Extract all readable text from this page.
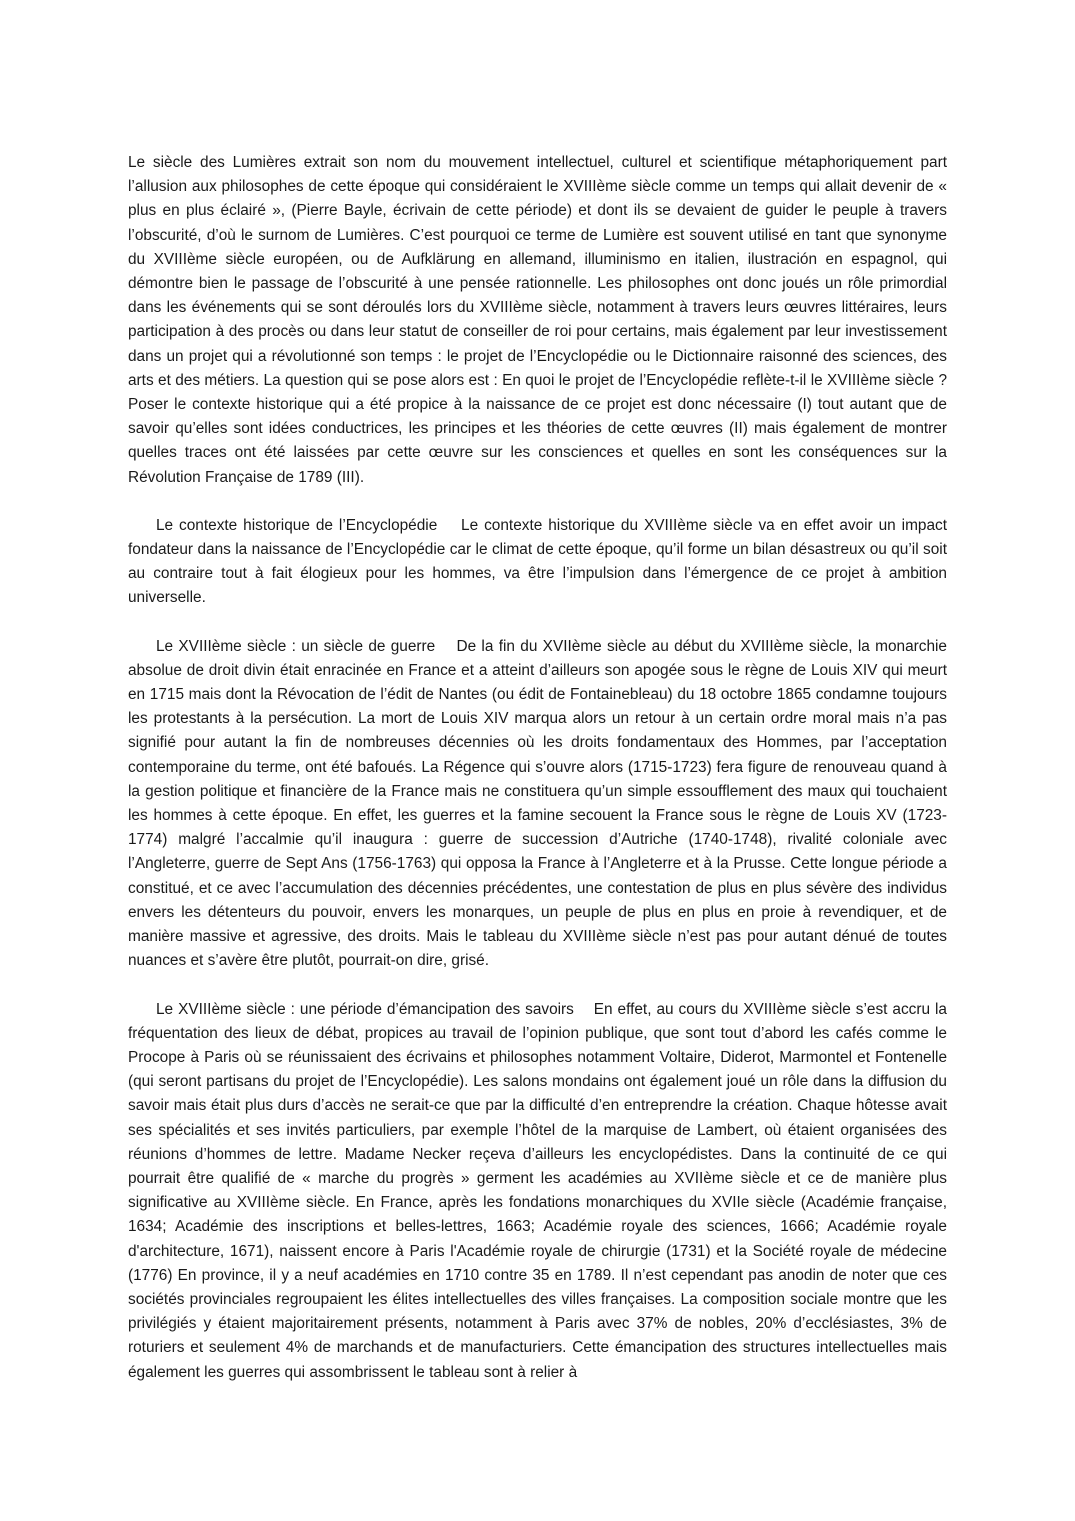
Le siècle des Lumières extrait son nom du mouvement intellectuel, culturel et scientifique métaphoriquement part l’allusion aux philosophes de cette époque qui considéraient le XVIIIème siècle comme un temps qui allait devenir de « plus en plus éclairé », (Pierre Bayle, écrivain de cette période) et dont ils se devaient de guider le peuple à travers l’obscurité, d’où le surnom de Lumières. C’est pourquoi ce terme de Lumière est souvent utilisé en tant que synonyme du XVIIIème siècle européen, ou de Aufklärung en allemand, illuminismo en italien, ilustración en espagnol, qui démontre bien le passage de l’obscurité à une pensée rationnelle. Les philosophes ont donc joués un rôle primordial dans les événements qui se sont déroulés lors du XVIIIème siècle, notamment à travers leurs œuvres littéraires, leurs participation à des procès ou dans leur statut de conseiller de roi pour certains, mais également par leur investissement dans un projet qui a révolutionné son temps : le projet de l’Encyclopédie ou le Dictionnaire raisonné des sciences, des arts et des métiers. La question qui se pose alors est : En quoi le projet de l’Encyclopédie reflète-t-il le XVIIIème siècle ? Poser le contexte historique qui a été propice à la naissance de ce projet est donc nécessaire (I) tout autant que de savoir qu’elles sont idées conductrices, les principes et les théories de cette œuvres (II) mais également de montrer quelles traces ont été laissées par cette œuvre sur les consciences et quelles en sont les conséquences sur la Révolution Française de 1789 (III).

Le contexte historique de l’Encyclopédie Le contexte historique du XVIIIème siècle va en effet avoir un impact fondateur dans la naissance de l’Encyclopédie car le climat de cette époque, qu’il forme un bilan désastreux ou qu’il soit au contraire tout à fait élogieux pour les hommes, va être l’impulsion dans l’émergence de ce projet à ambition universelle.

Le XVIIIème siècle : un siècle de guerre De la fin du XVIIème siècle au début du XVIIIème siècle, la monarchie absolue de droit divin était enracinée en France et a atteint d’ailleurs son apogée sous le règne de Louis XIV qui meurt en 1715 mais dont la Révocation de l’édit de Nantes (ou édit de Fontainebleau) du 18 octobre 1865 condamne toujours les protestants à la persécution. La mort de Louis XIV marqua alors un retour à un certain ordre moral mais n’a pas signifié pour autant la fin de nombreuses décennies où les droits fondamentaux des Hommes, par l’acceptation contemporaine du terme, ont été bafoués. La Régence qui s’ouvre alors (1715-1723) fera figure de renouveau quand à la gestion politique et financière de la France mais ne constituera qu’un simple essoufflement des maux qui touchaient les hommes à cette époque. En effet, les guerres et la famine secouent la France sous le règne de Louis XV (1723-1774) malgré l’accalmie qu’il inaugura : guerre de succession d’Autriche (1740-1748), rivalité coloniale avec l’Angleterre, guerre de Sept Ans (1756-1763) qui opposa la France à l’Angleterre et à la Prusse. Cette longue période a constitué, et ce avec l’accumulation des décennies précédentes, une contestation de plus en plus sévère des individus envers les détenteurs du pouvoir, envers les monarques, un peuple de plus en plus en proie à revendiquer, et de manière massive et agressive, des droits. Mais le tableau du XVIIIème siècle n’est pas pour autant dénué de toutes nuances et s’avère être plutôt, pourrait-on dire, grisé.

Le XVIIIème siècle : une période d’émancipation des savoirs En effet, au cours du XVIIIème siècle s’est accru la fréquentation des lieux de débat, propices au travail de l’opinion publique, que sont tout d’abord les cafés comme le Procope à Paris où se réunissaient des écrivains et philosophes notamment Voltaire, Diderot, Marmontel et Fontenelle (qui seront partisans du projet de l’Encyclopédie). Les salons mondains ont également joué un rôle dans la diffusion du savoir mais était plus durs d’accès ne serait-ce que par la difficulté d’en entreprendre la création. Chaque hôtesse avait ses spécialités et ses invités particuliers, par exemple l’hôtel de la marquise de Lambert, où étaient organisées des réunions d’hommes de lettre. Madame Necker reçeva d’ailleurs les encyclopédistes. Dans la continuité de ce qui pourrait être qualifié de « marche du progrès » germent les académies au XVIIème siècle et ce de manière plus significative au XVIIIème siècle. En France, après les fondations monarchiques du XVIIe siècle (Académie française, 1634; Académie des inscriptions et belles-lettres, 1663; Académie royale des sciences, 1666; Académie royale d'architecture, 1671), naissent encore à Paris l'Académie royale de chirurgie (1731) et la Société royale de médecine (1776) En province, il y a neuf académies en 1710 contre 35 en 1789. Il n’est cependant pas anodin de noter que ces sociétés provinciales regroupaient les élites intellectuelles des villes françaises. La composition sociale montre que les privilégiés y étaient majoritairement présents, notamment à Paris avec 37% de nobles, 20% d’ecclésiastes, 3% de roturiers et seulement 4% de marchands et de manufacturiers. Cette émancipation des structures intellectuelles mais également les guerres qui assombrissent le tableau sont à relier à
